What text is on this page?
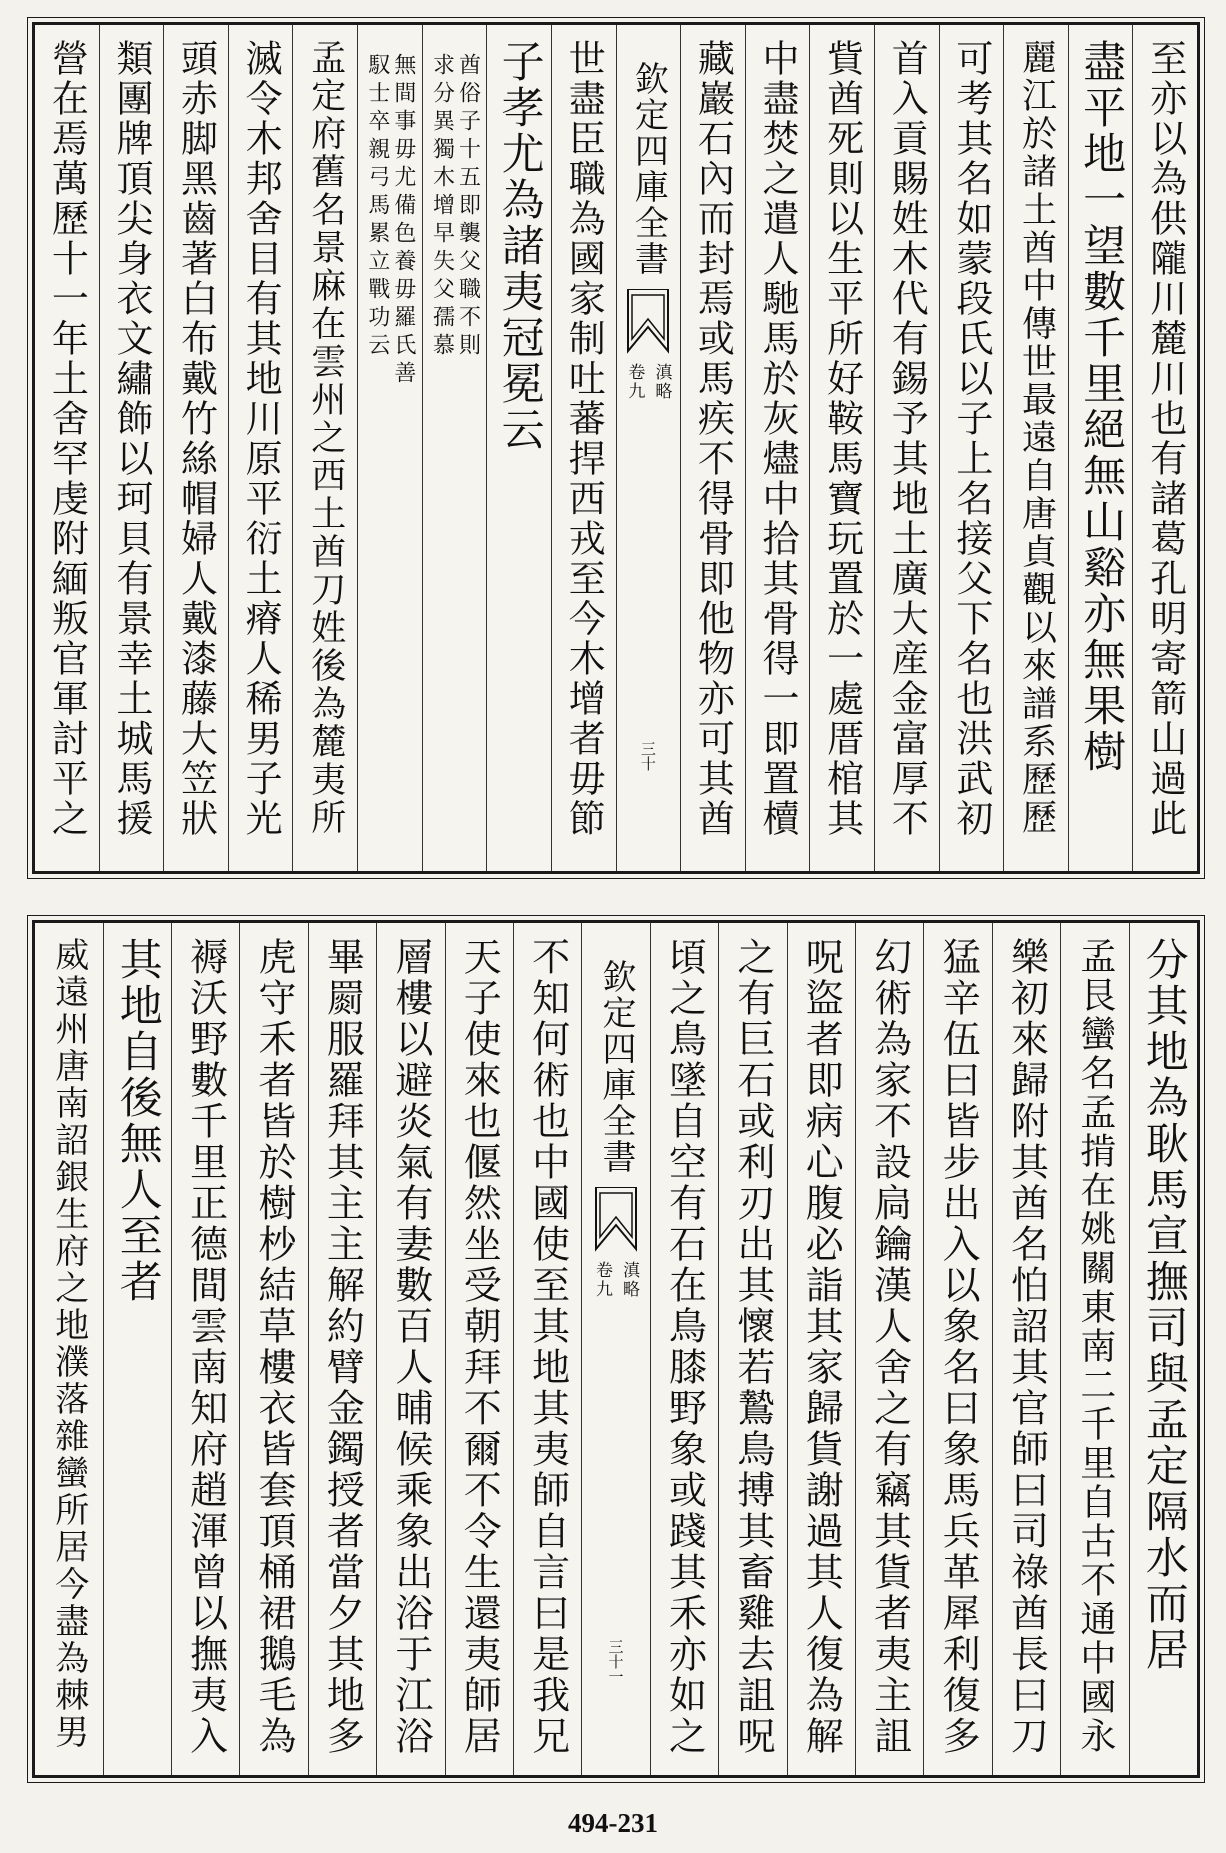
至亦以為供隴川麓川也有諸葛孔明寄箭山過此
盡平地一望數千里絕無山谿亦無果樹
麗江於諸土酋中傳世最遠自唐貞觀以來譜系歷歷
可考其名如蒙段氏以子上名接父下名也洪武初
首入貢賜姓木代有錫予其地土廣大産金富厚不
貲酋死則以生平所好鞍馬寶玩置於一處厝棺其
中盡焚之遣人馳馬於灰燼中拾其骨得一即置櫝
藏巖石內而封焉或馬疾不得骨即他物亦可其酋
欽定四庫全書
滇略
卷九
三十
世盡臣職為國家制吐蕃捍西戎至今木增者毋節
子孝尤為諸夷冠冕云
酋俗子十五即襲父職不則
求分異獨木增早失父孺慕
無間事毋尤備色養毋羅氏善
馭士卒親弓馬累立戰功云
孟定府舊名景麻在雲州之西土酋刀姓後為麓夷所
滅令木邦舍目有其地川原平衍土瘠人稀男子光
頭赤脚黑齒著白布戴竹絲帽婦人戴漆藤大笠狀
類團牌頂尖身衣文繡飾以珂貝有景幸土城馬援
營在焉萬歷十一年土舍罕虔附緬叛官軍討平之
分其地為耿馬宣撫司與孟定隔水而居
孟艮蠻名孟掯在姚關東南二千里自古不通中國永
樂初來歸附其酋名怕詔其官師曰司祿酋長曰刀
猛辛伍曰皆步出入以象名曰象馬兵革犀利復多
幻術為家不設扃鑰漢人舍之有竊其貨者夷主詛
呪盜者即病心腹必詣其家歸貨謝過其人復為解
之有巨石或利刃出其懷若鷙鳥搏其畜雞去詛呪
頃之鳥墜自空有石在鳥膝野象或踐其禾亦如之
欽定四庫全書
滇略
卷九
三十一
不知何術也中國使至其地其夷師自言曰是我兄
天子使來也偃然坐受朝拜不爾不令生還夷師居
層樓以避炎氣有妻數百人晡候乘象出浴于江浴
畢罽服羅拜其主主解約臂金鐲授者當夕其地多
虎守禾者皆於樹杪結草樓衣皆套頂桶裙鵝毛為
褥沃野數千里正德間雲南知府趙渾曾以撫夷入
其地自後無人至者
威遠州唐南詔銀生府之地濮落雜蠻所居今盡為棘男
494-231
